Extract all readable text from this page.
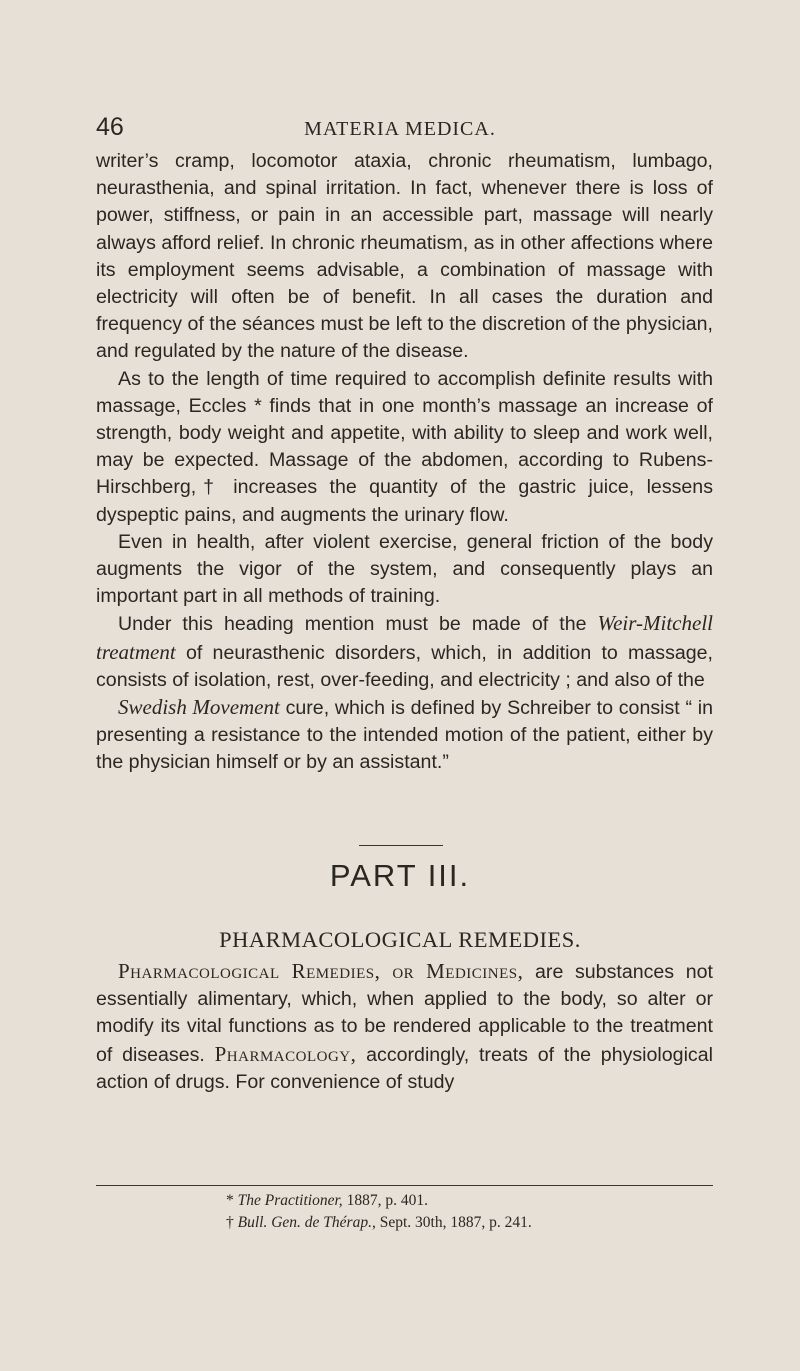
46	MATERIA MEDICA.

writer’s cramp, locomotor ataxia, chronic rheumatism, lumbago, neurasthenia, and spinal irritation. In fact, whenever there is loss of power, stiffness, or pain in an accessible part, massage will nearly always afford relief. In chronic rheumatism, as in other affections where its employment seems advisable, a combination of massage with electricity will often be of benefit. In all cases the duration and frequency of the séances must be left to the discretion of the physician, and regulated by the nature of the disease.

As to the length of time required to accomplish definite results with massage, Eccles * finds that in one month’s massage an increase of strength, body weight and appetite, with ability to sleep and work well, may be expected. Massage of the abdomen, according to Rubens-Hirschberg,† increases the quantity of the gastric juice, lessens dyspeptic pains, and augments the urinary flow.

Even in health, after violent exercise, general friction of the body augments the vigor of the system, and consequently plays an important part in all methods of training.

Under this heading mention must be made of the Weir-Mitchell treatment of neurasthenic disorders, which, in addition to massage, consists of isolation, rest, over-feeding, and electricity ; and also of the

Swedish Movement cure, which is defined by Schreiber to consist “ in presenting a resistance to the intended motion of the patient, either by the physician himself or by an assistant.”

PART III.
PHARMACOLOGICAL REMEDIES.

Pharmacological Remedies, or Medicines, are substances not essentially alimentary, which, when applied to the body, so alter or modify its vital functions as to be rendered applicable to the treatment of diseases. Pharmacology, accordingly, treats of the physiological action of drugs. For convenience of study

* The Practitioner, 1887, p. 401.
† Bull. Gen. de Thérap., Sept. 30th, 1887, p. 241.
